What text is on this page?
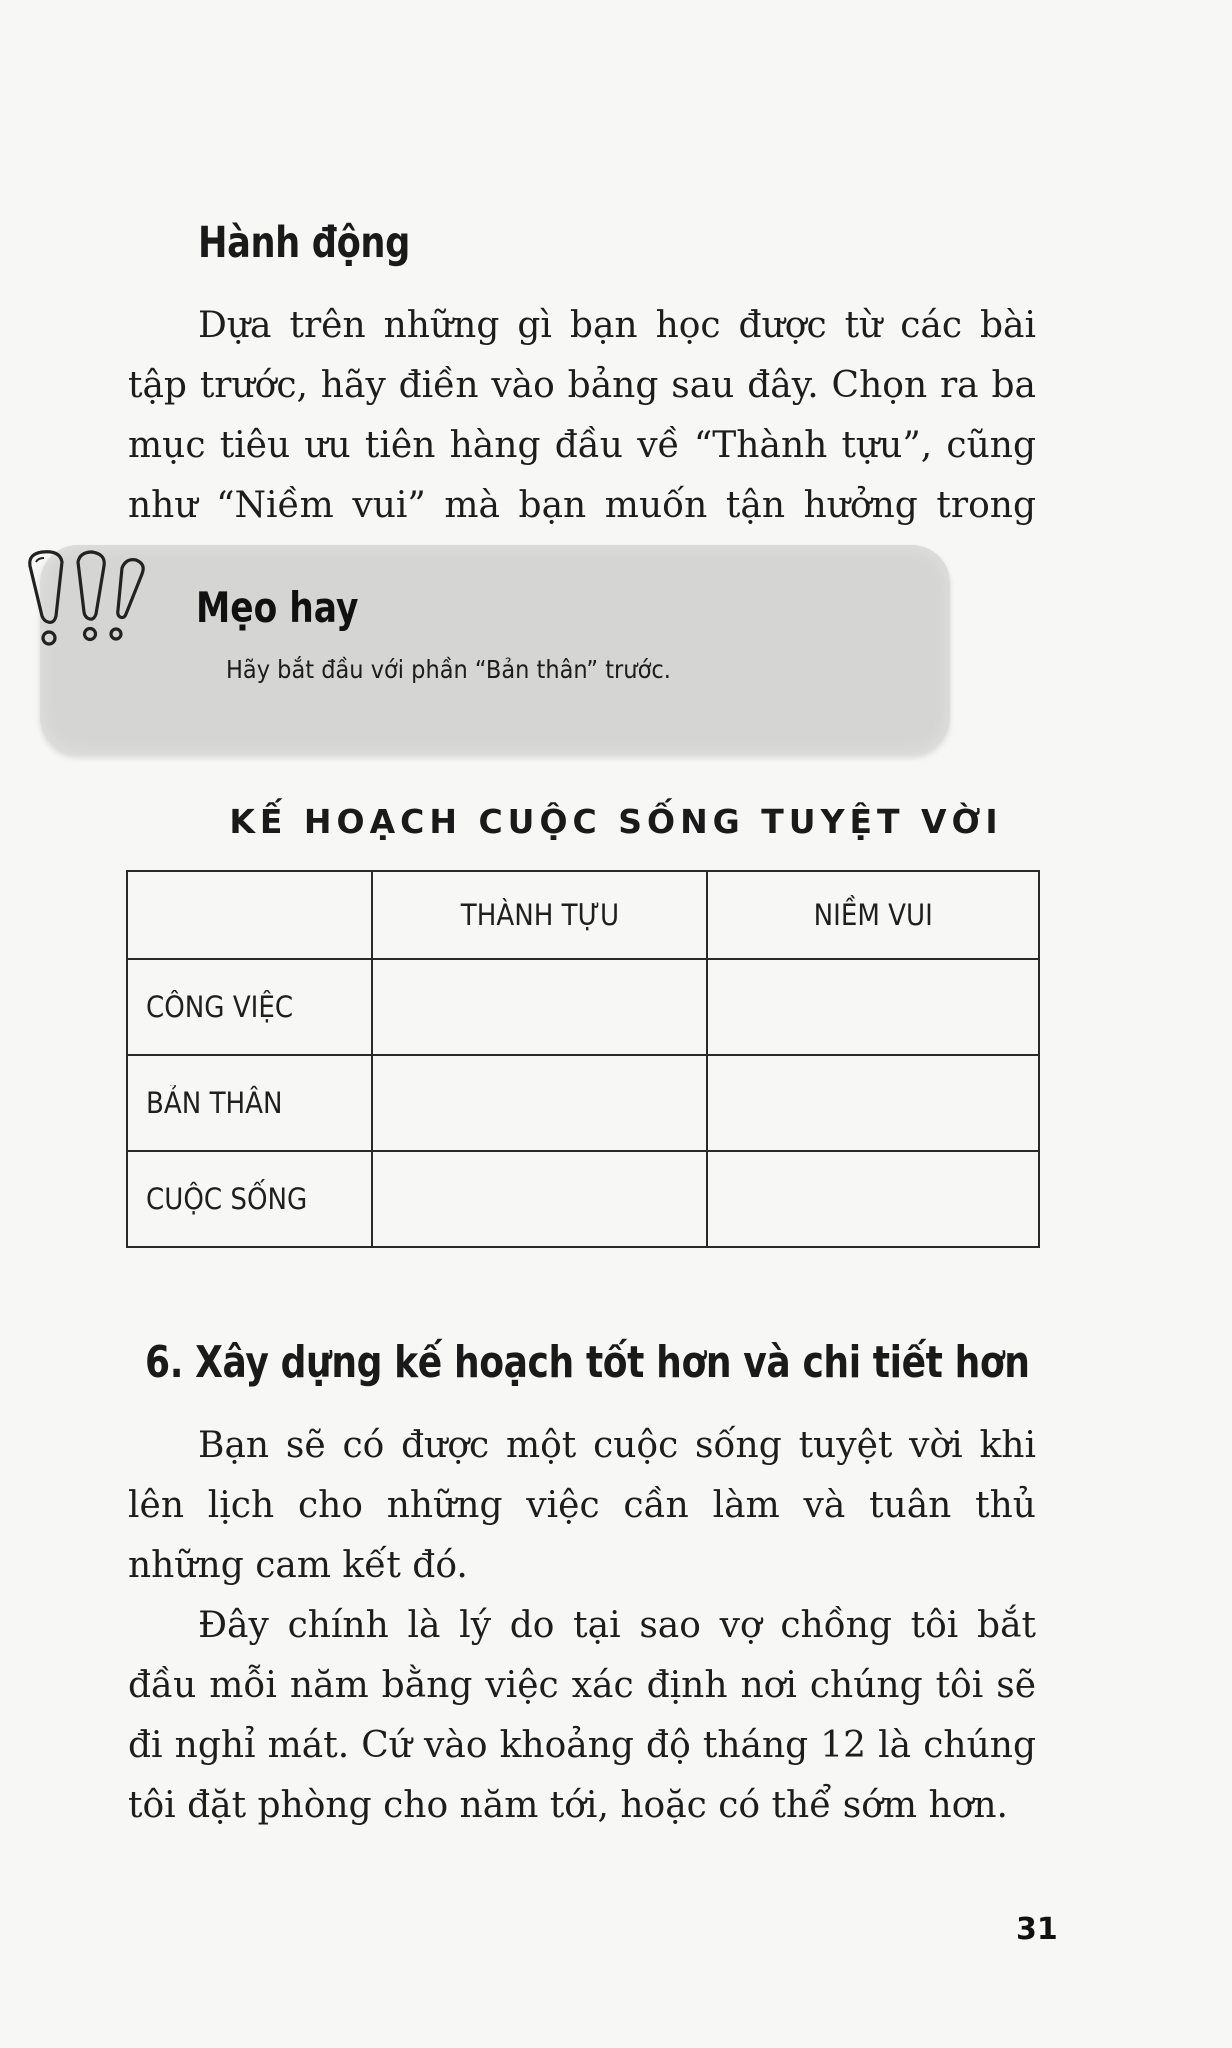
Hành động

Dựa trên những gì bạn học được từ các bài tập trước, hãy điền vào bảng sau đây. Chọn ra ba mục tiêu ưu tiên hàng đầu về “Thành tựu”, cũng như “Niềm vui” mà bạn muốn tận hưởng trong

Mẹo hay
Hãy bắt đầu với phần “Bản thân” trước.
KẾ HOẠCH CUỘC SỐNG TUYỆT VỜI
	THÀNH TỰU	NIỀM VUI
CÔNG VIỆC		
BẢN THÂN		
CUỘC SỐNG		
6. Xây dựng kế hoạch tốt hơn và chi tiết hơn

Bạn sẽ có được một cuộc sống tuyệt vời khi lên lịch cho những việc cần làm và tuân thủ những cam kết đó.

Đây chính là lý do tại sao vợ chồng tôi bắt đầu mỗi năm bằng việc xác định nơi chúng tôi sẽ đi nghỉ mát. Cứ vào khoảng độ tháng 12 là chúng tôi đặt phòng cho năm tới, hoặc có thể sớm hơn.

31
